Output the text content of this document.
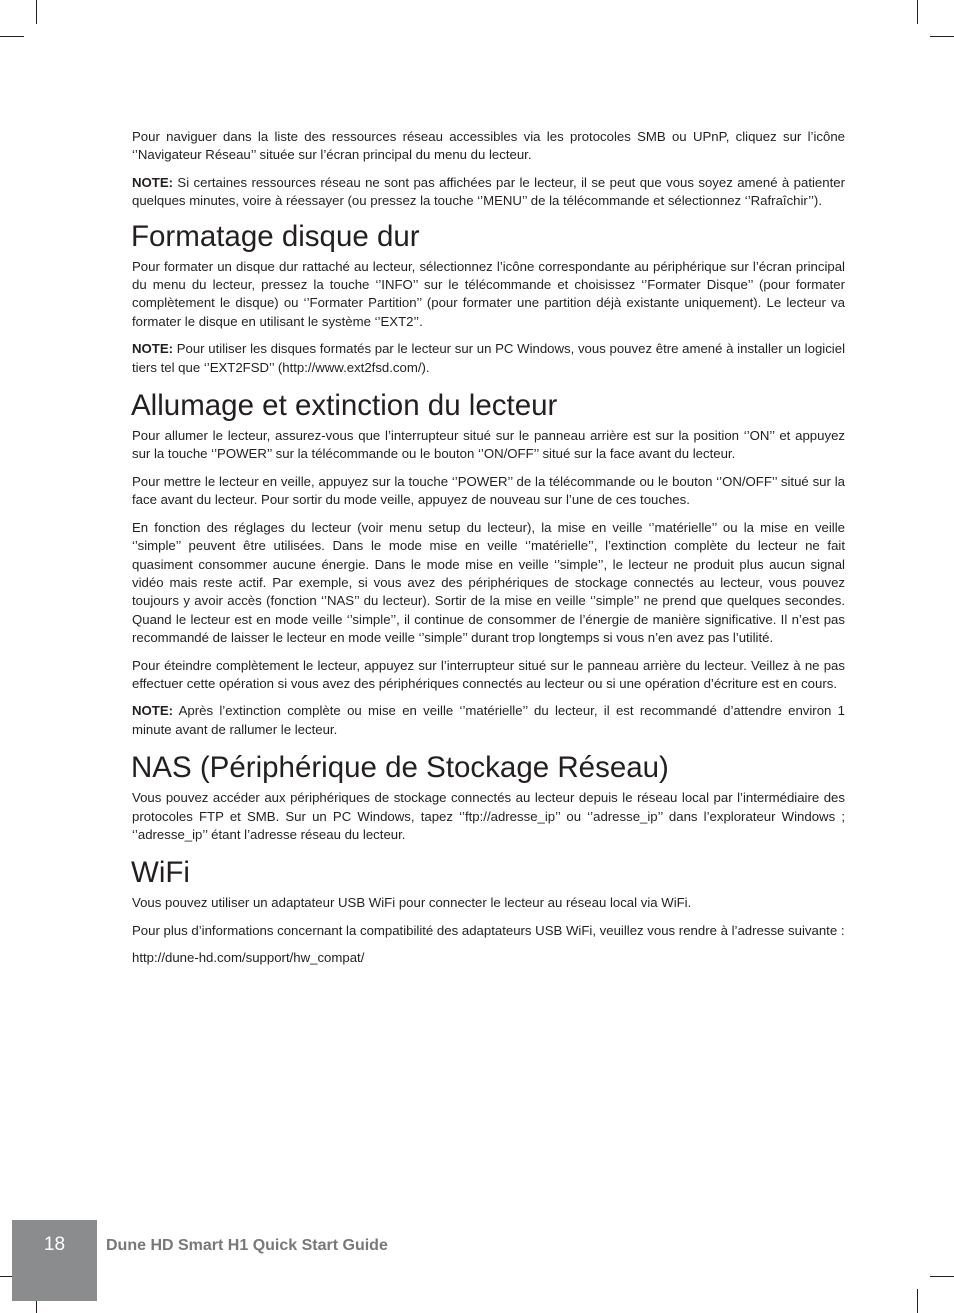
Pour naviguer dans la liste des ressources réseau accessibles via les protocoles SMB ou UPnP, cliquez sur l’icône ‘’Navigateur Réseau’’ située sur l’écran principal du menu du lecteur.

NOTE: Si certaines ressources réseau ne sont pas affichées par le lecteur, il se peut que vous soyez amené à patienter quelques minutes, voire à réessayer (ou pressez la touche ‘’MENU’’ de la télécommande et sélectionnez ‘’Rafraîchir’’).

Formatage disque dur

Pour formater un disque dur rattaché au lecteur, sélectionnez l’icône correspondante au périphérique sur l’écran principal du menu du lecteur, pressez la touche ‘’INFO’’ sur le télécommande et choisissez ‘’Formater Disque’’ (pour formater complètement le disque) ou ‘’Formater Partition’’ (pour formater une partition déjà existante uniquement). Le lecteur va formater le disque en utilisant le système ‘’EXT2’’.

NOTE: Pour utiliser les disques formatés par le lecteur sur un PC Windows, vous pouvez être amené à installer un logiciel tiers tel que ‘’EXT2FSD’’ (http://www.ext2fsd.com/).

Allumage et extinction du lecteur

Pour allumer le lecteur, assurez-vous que l’interrupteur situé sur le panneau arrière est sur la position ‘’ON’’ et appuyez sur la touche ‘’POWER’’ sur la télécommande ou le bouton ‘’ON/OFF’’ situé sur la face avant du lecteur.

Pour mettre le lecteur en veille, appuyez sur la touche ‘’POWER’’ de la télécommande ou le bouton ‘’ON/OFF’’ situé sur la face avant du lecteur. Pour sortir du mode veille, appuyez de nouveau sur l’une de ces touches.

En fonction des réglages du lecteur (voir menu setup du lecteur), la mise en veille ‘’matérielle’’ ou la mise en veille ‘’simple’’ peuvent être utilisées. Dans le mode mise en veille ‘’matérielle’’, l’extinction complète du lecteur ne fait quasiment consommer aucune énergie. Dans le mode mise en veille ‘’simple’’, le lecteur ne produit plus aucun signal vidéo mais reste actif. Par exemple, si vous avez des périphériques de stockage connectés au lecteur, vous pouvez toujours y avoir accès (fonction ‘’NAS’’ du lecteur). Sortir de la mise en veille ‘’simple’’ ne prend que quelques secondes. Quand le lecteur est en mode veille ‘’simple’’, il continue de consommer de l’énergie de manière significative. Il n’est pas recommandé de laisser le lecteur en mode veille ‘’simple’’ durant trop longtemps si vous n’en avez pas l’utilité.

Pour éteindre complètement le lecteur, appuyez sur l’interrupteur situé sur le panneau arrière du lecteur. Veillez à ne pas effectuer cette opération si vous avez des périphériques connectés au lecteur ou si une opération d’écriture est en cours.

NOTE: Après l’extinction complète ou mise en veille ‘’matérielle’’ du lecteur, il est recommandé d’attendre environ 1 minute avant de rallumer le lecteur.

NAS (Périphérique de Stockage Réseau)

Vous pouvez accéder aux périphériques de stockage connectés au lecteur depuis le réseau local par l’intermédiaire des protocoles FTP et SMB. Sur un PC Windows, tapez ‘’ftp://adresse_ip’’ ou ‘’adresse_ip’’ dans l’explorateur Windows ; ‘’adresse_ip’’ étant l’adresse réseau du lecteur.

WiFi

Vous pouvez utiliser un adaptateur USB WiFi pour connecter le lecteur au réseau local via WiFi.

Pour plus d’informations concernant la compatibilité des adaptateurs USB WiFi, veuillez vous rendre à l’adresse suivante :

http://dune-hd.com/support/hw_compat/

18	Dune HD Smart H1 Quick Start Guide
